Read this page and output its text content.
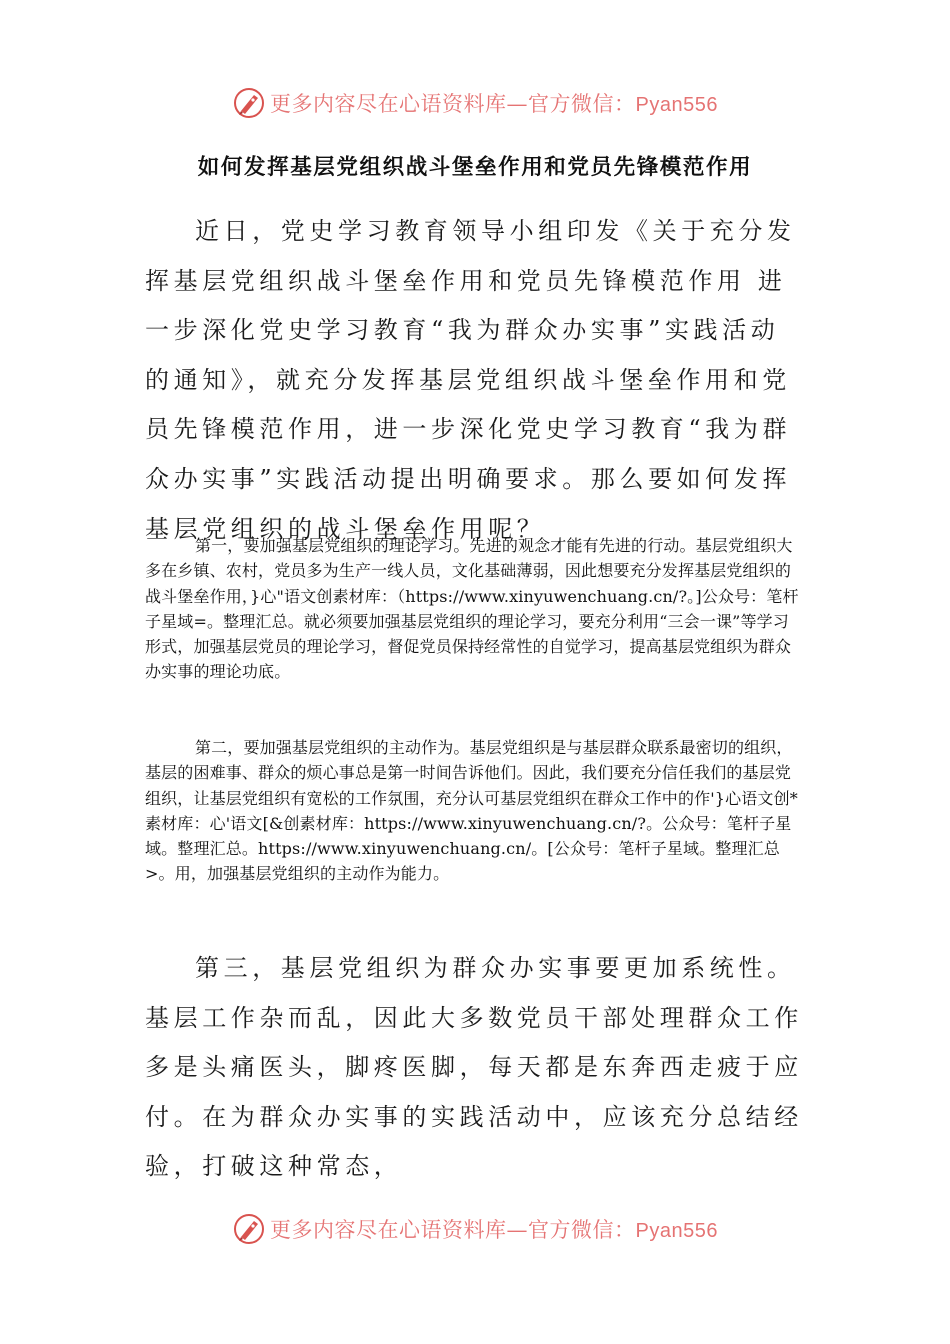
更多内容尽在心语资料库—官方微信：Pyan556
如何发挥基层党组织战斗堡垒作用和党员先锋模范作用

近日，党史学习教育领导小组印发《关于充分发挥基层党组织战斗堡垒作用和党员先锋模范作用 进一步深化党史学习教育“我为群众办实事”实践活动的通知》，就充分发挥基层党组织战斗堡垒作用和党员先锋模范作用，进一步深化党史学习教育“我为群众办实事”实践活动提出明确要求。那么要如何发挥基层党组织的战斗堡垒作用呢？

第一，要加强基层党组织的理论学习。先进的观念才能有先进的行动。基层党组织大多在乡镇、农村，党员多为生产一线人员，文化基础薄弱，因此想要充分发挥基层党组织的战斗堡垒作用，}心"语文创素材库：（https://www.xinyuwenchuang.cn/?。]公众号：笔杆子星域=。整理汇总。就必须要加强基层党组织的理论学习，要充分利用“三会一课”等学习形式，加强基层党员的理论学习，督促党员保持经常性的自觉学习，提高基层党组织为群众办实事的理论功底。

第二，要加强基层党组织的主动作为。基层党组织是与基层群众联系最密切的组织，基层的困难事、群众的烦心事总是第一时间告诉他们。因此，我们要充分信任我们的基层党组织，让基层党组织有宽松的工作氛围，充分认可基层党组织在群众工作中的作'}心语文创*素材库：心'语文[&创素材库：https://www.xinyuwenchuang.cn/?。公众号：笔杆子星域。整理汇总。https://www.xinyuwenchuang.cn/。[公众号：笔杆子星域。整理汇总>。用，加强基层党组织的主动作为能力。

第三，基层党组织为群众办实事要更加系统性。基层工作杂而乱，因此大多数党员干部处理群众工作多是头痛医头，脚疼医脚，每天都是东奔西走疲于应付。在为群众办实事的实践活动中，应该充分总结经验，打破这种常态，

更多内容尽在心语资料库—官方微信：Pyan556
